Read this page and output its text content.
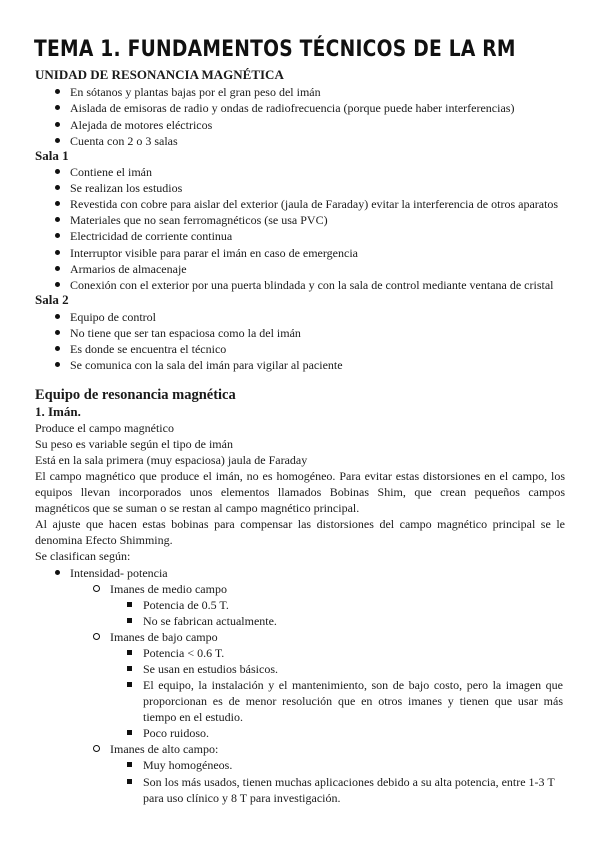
TEMA 1. FUNDAMENTOS TÉCNICOS DE LA RM
UNIDAD DE RESONANCIA MAGNÉTICA
En sótanos y plantas bajas por el gran peso del imán
Aislada de emisoras de radio y ondas de radiofrecuencia (porque puede haber interferencias)
Alejada de motores eléctricos
Cuenta con 2 o 3 salas
Sala 1
Contiene el imán
Se realizan los estudios
Revestida con cobre para aislar del exterior (jaula de Faraday) evitar la interferencia de otros aparatos
Materiales que no sean ferromagnéticos (se usa PVC)
Electricidad de corriente continua
Interruptor visible para parar el imán en caso de emergencia
Armarios de almacenaje
Conexión con el exterior por una puerta blindada y con la sala de control mediante ventana de cristal
Sala 2
Equipo de control
No tiene que ser tan espaciosa como la del imán
Es donde se encuentra el técnico
Se comunica con la sala del imán para vigilar al paciente
Equipo de resonancia magnética
1. Imán.
Produce el campo magnético
Su peso es variable según el tipo de imán
Está en la sala primera (muy espaciosa) jaula de Faraday
El campo magnético que produce el imán, no es homogéneo. Para evitar estas distorsiones en el campo, los
equipos llevan incorporados unos elementos llamados Bobinas Shim, que crean pequeños campos
magnéticos que se suman o se restan al campo magnético principal.
Al ajuste que hacen estas bobinas para compensar las distorsiones del campo magnético principal se le
denomina Efecto Shimming.
Se clasifican según:
Intensidad- potencia
Imanes de medio campo
Potencia de 0.5 T.
No se fabrican actualmente.
Imanes de bajo campo
Potencia < 0.6 T.
Se usan en estudios básicos.
El equipo, la instalación y el mantenimiento, son de bajo costo, pero la imagen que
proporcionan es de menor resolución que en otros imanes y tienen que usar más
tiempo en el estudio.
Poco ruidoso.
Imanes de alto campo:
Muy homogéneos.
Son los más usados, tienen muchas aplicaciones debido a su alta potencia, entre 1-3 T
para uso clínico y 8 T para investigación.
